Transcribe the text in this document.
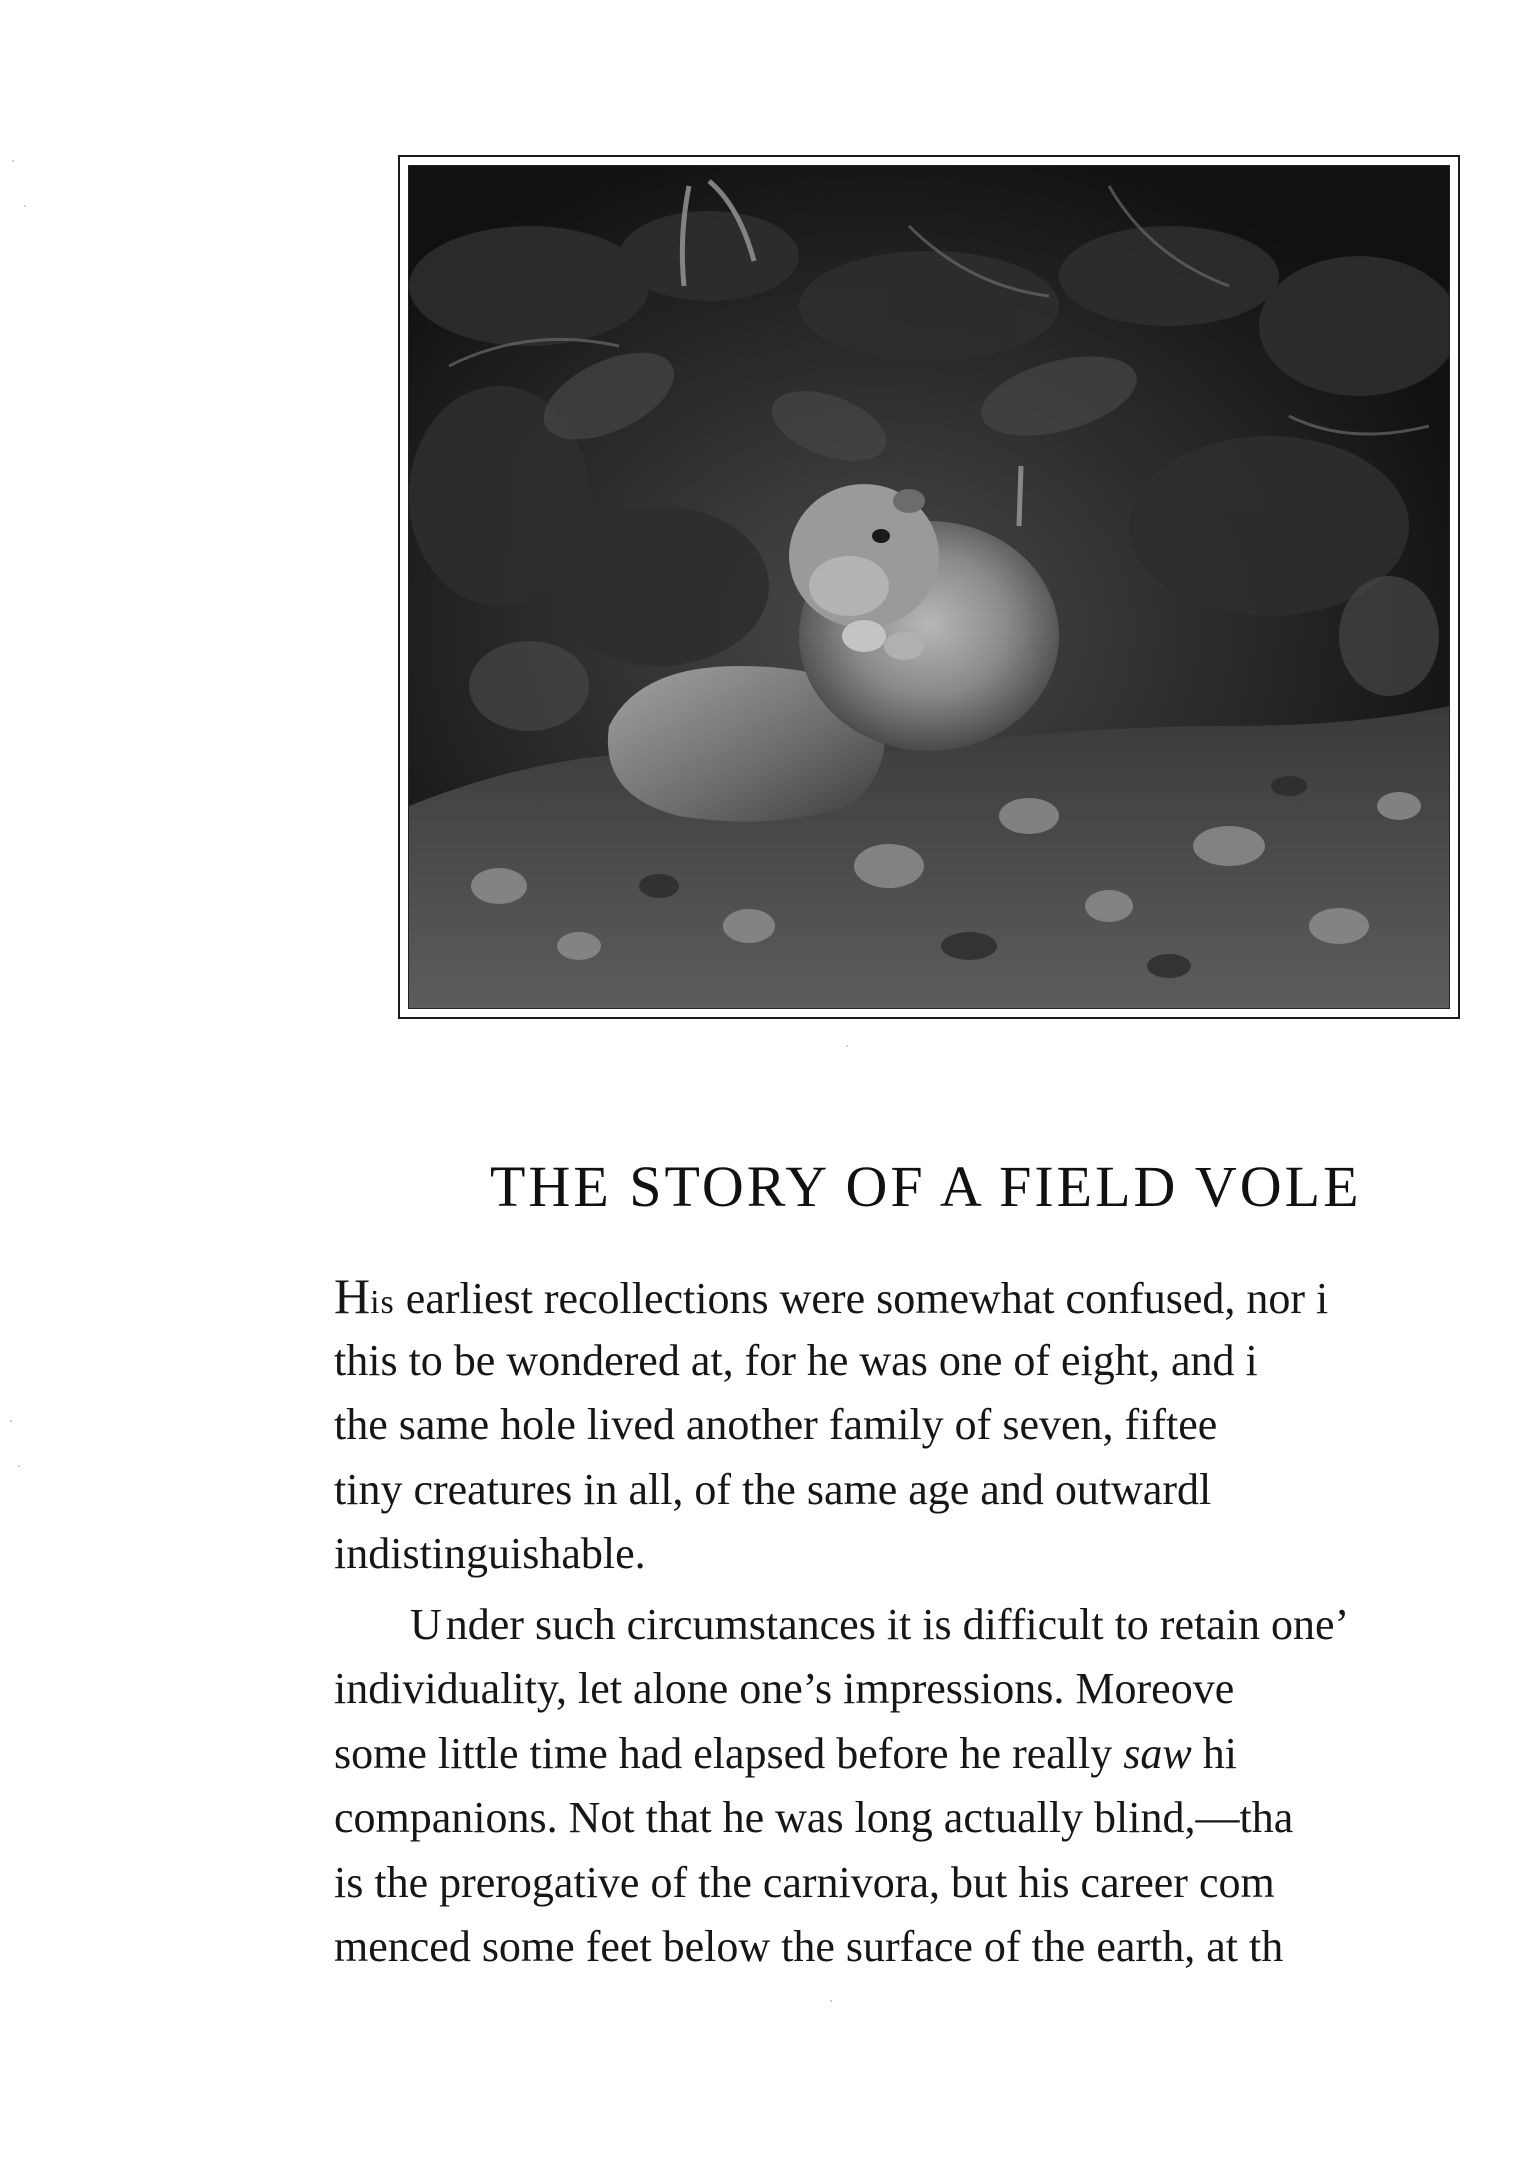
THE STORY OF A FIELD VOLE
His earliest recollections were somewhat confused, nor i
this to be wondered at, for he was one of eight, and i
the same hole lived another family of seven, fiftee
tiny creatures in all, of the same age and outwardl
indistinguishable.
Under such circumstances it is difficult to retain one’
individuality, let alone one’s impressions. Moreove
some little time had elapsed before he really saw hi
companions. Not that he was long actually blind,—tha
is the prerogative of the carnivora, but his career com
menced some feet below the surface of the earth, at th
